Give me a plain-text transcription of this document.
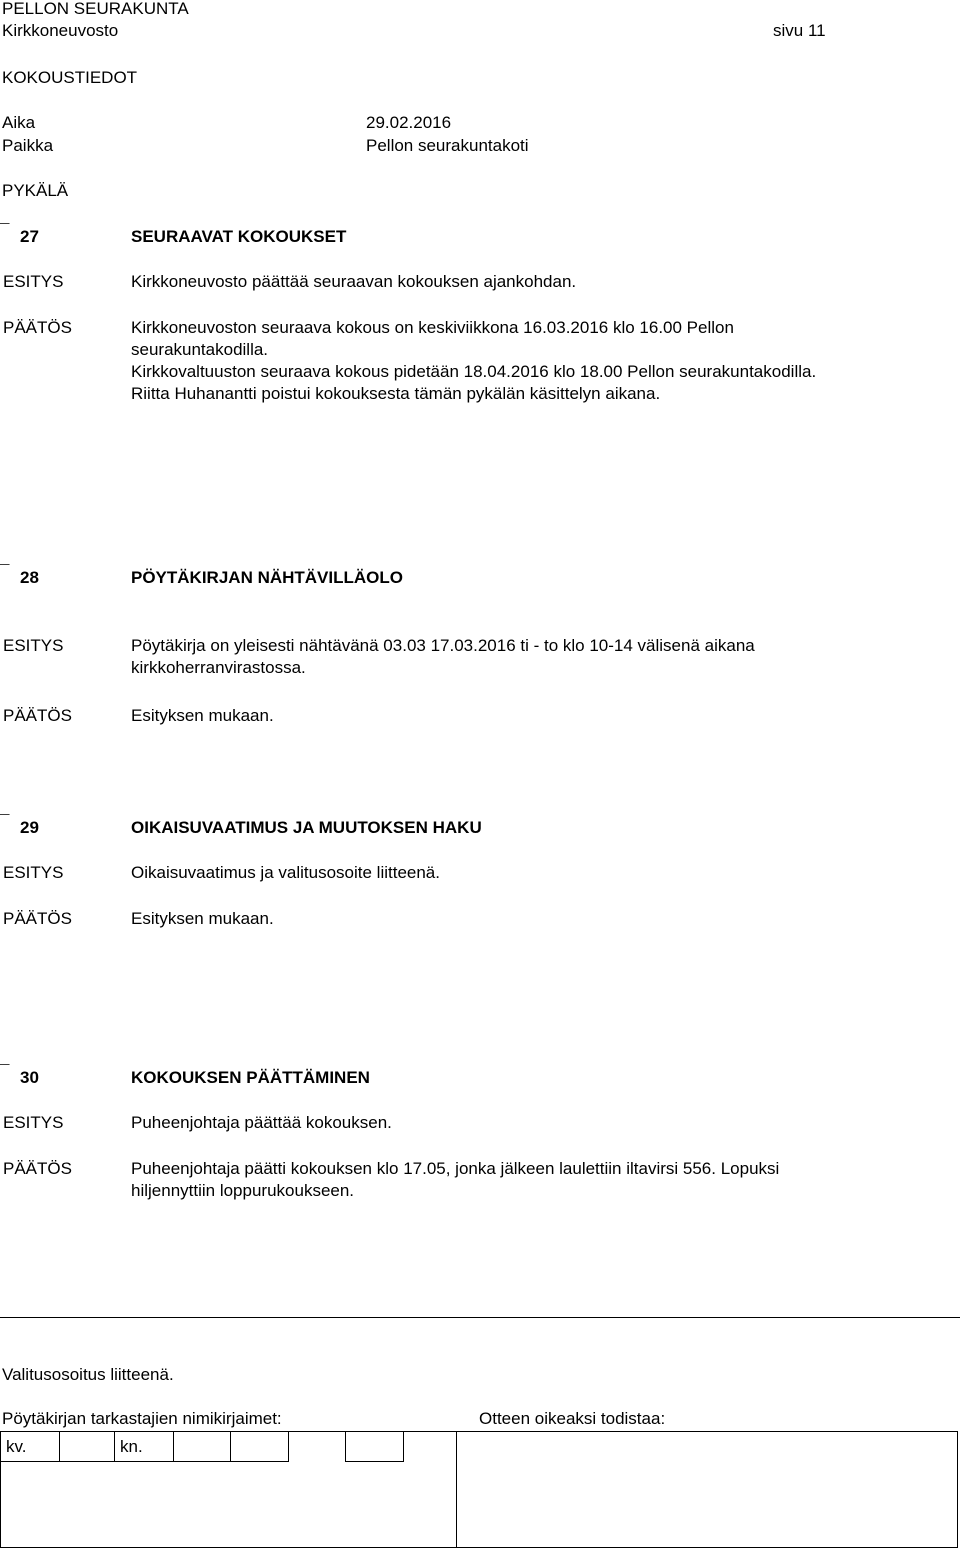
PELLON SEURAKUNTA
Kirkkoneuvosto	sivu 11
KOKOUSTIEDOT
Aika	29.02.2016
Paikka	Pellon seurakuntakoti
PYKÄLÄ
¯ 27	SEURAAVAT KOKOUKSET
ESITYS	Kirkkoneuvosto päättää seuraavan kokouksen ajankohdan.
PÄÄTÖS	Kirkkoneuvoston seuraava kokous on keskiviikkona 16.03.2016 klo 16.00 Pellon
seurakuntakodilla.
Kirkkovaltuuston seuraava kokous pidetään 18.04.2016 klo 18.00 Pellon seurakuntakodilla.
Riitta Huhanantti poistui kokouksesta tämän pykälän käsittelyn aikana.
¯ 28	PÖYTÄKIRJAN NÄHTÄVILLÄOLO
ESITYS	Pöytäkirja on yleisesti nähtävänä 03.03 17.03.2016 ti - to klo 10-14 välisenä aikana
kirkkoherranvirastossa.
PÄÄTÖS	Esityksen mukaan.
¯ 29	OIKAISUVAATIMUS JA MUUTOKSEN HAKU
ESITYS	Oikaisuvaatimus ja valitusosoite liitteenä.
PÄÄTÖS	Esityksen mukaan.
¯ 30	KOKOUKSEN PÄÄTTÄMINEN
ESITYS	Puheenjohtaja päättää kokouksen.
PÄÄTÖS	Puheenjohtaja päätti kokouksen klo 17.05, jonka jälkeen laulettiin iltavirsi 556. Lopuksi
hiljennyttiin loppurukoukseen.
Valitusosoitus liitteenä.
Pöytäkirjan tarkastajien nimikirjaimet:	Otteen oikeaksi todistaa:
kv.	kn.
